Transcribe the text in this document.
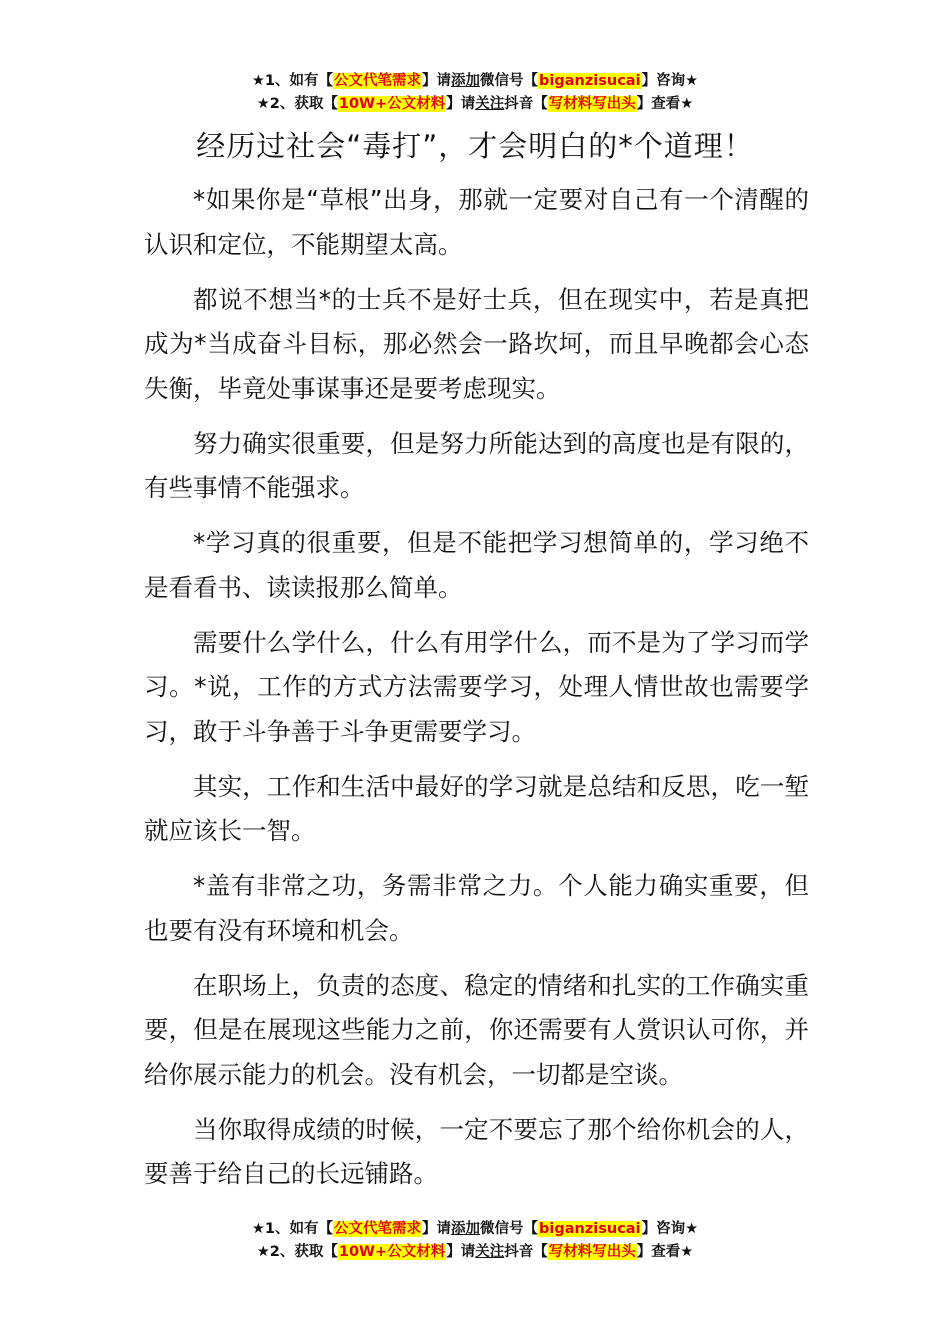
★1、如有【公文代笔需求】请添加微信号【biganzisucai】咨询★
★2、获取【10W+公文材料】请关注抖音【写材料写出头】查看★
经历过社会“毒打”，才会明白的*个道理！

*如果你是“草根”出身，那就一定要对自己有一个清醒的认识和定位，不能期望太高。

都说不想当*的士兵不是好士兵，但在现实中，若是真把成为*当成奋斗目标，那必然会一路坎坷，而且早晚都会心态失衡，毕竟处事谋事还是要考虑现实。

努力确实很重要，但是努力所能达到的高度也是有限的，有些事情不能强求。

*学习真的很重要，但是不能把学习想简单的，学习绝不是看看书、读读报那么简单。

需要什么学什么，什么有用学什么，而不是为了学习而学习。*说，工作的方式方法需要学习，处理人情世故也需要学习，敢于斗争善于斗争更需要学习。

其实，工作和生活中最好的学习就是总结和反思，吃一堑就应该长一智。

*盖有非常之功，务需非常之力。个人能力确实重要，但也要有没有环境和机会。

在职场上，负责的态度、稳定的情绪和扎实的工作确实重要，但是在展现这些能力之前，你还需要有人赏识认可你，并给你展示能力的机会。没有机会，一切都是空谈。

当你取得成绩的时候，一定不要忘了那个给你机会的人，要善于给自己的长远铺路。

★1、如有【公文代笔需求】请添加微信号【biganzisucai】咨询★
★2、获取【10W+公文材料】请关注抖音【写材料写出头】查看★
